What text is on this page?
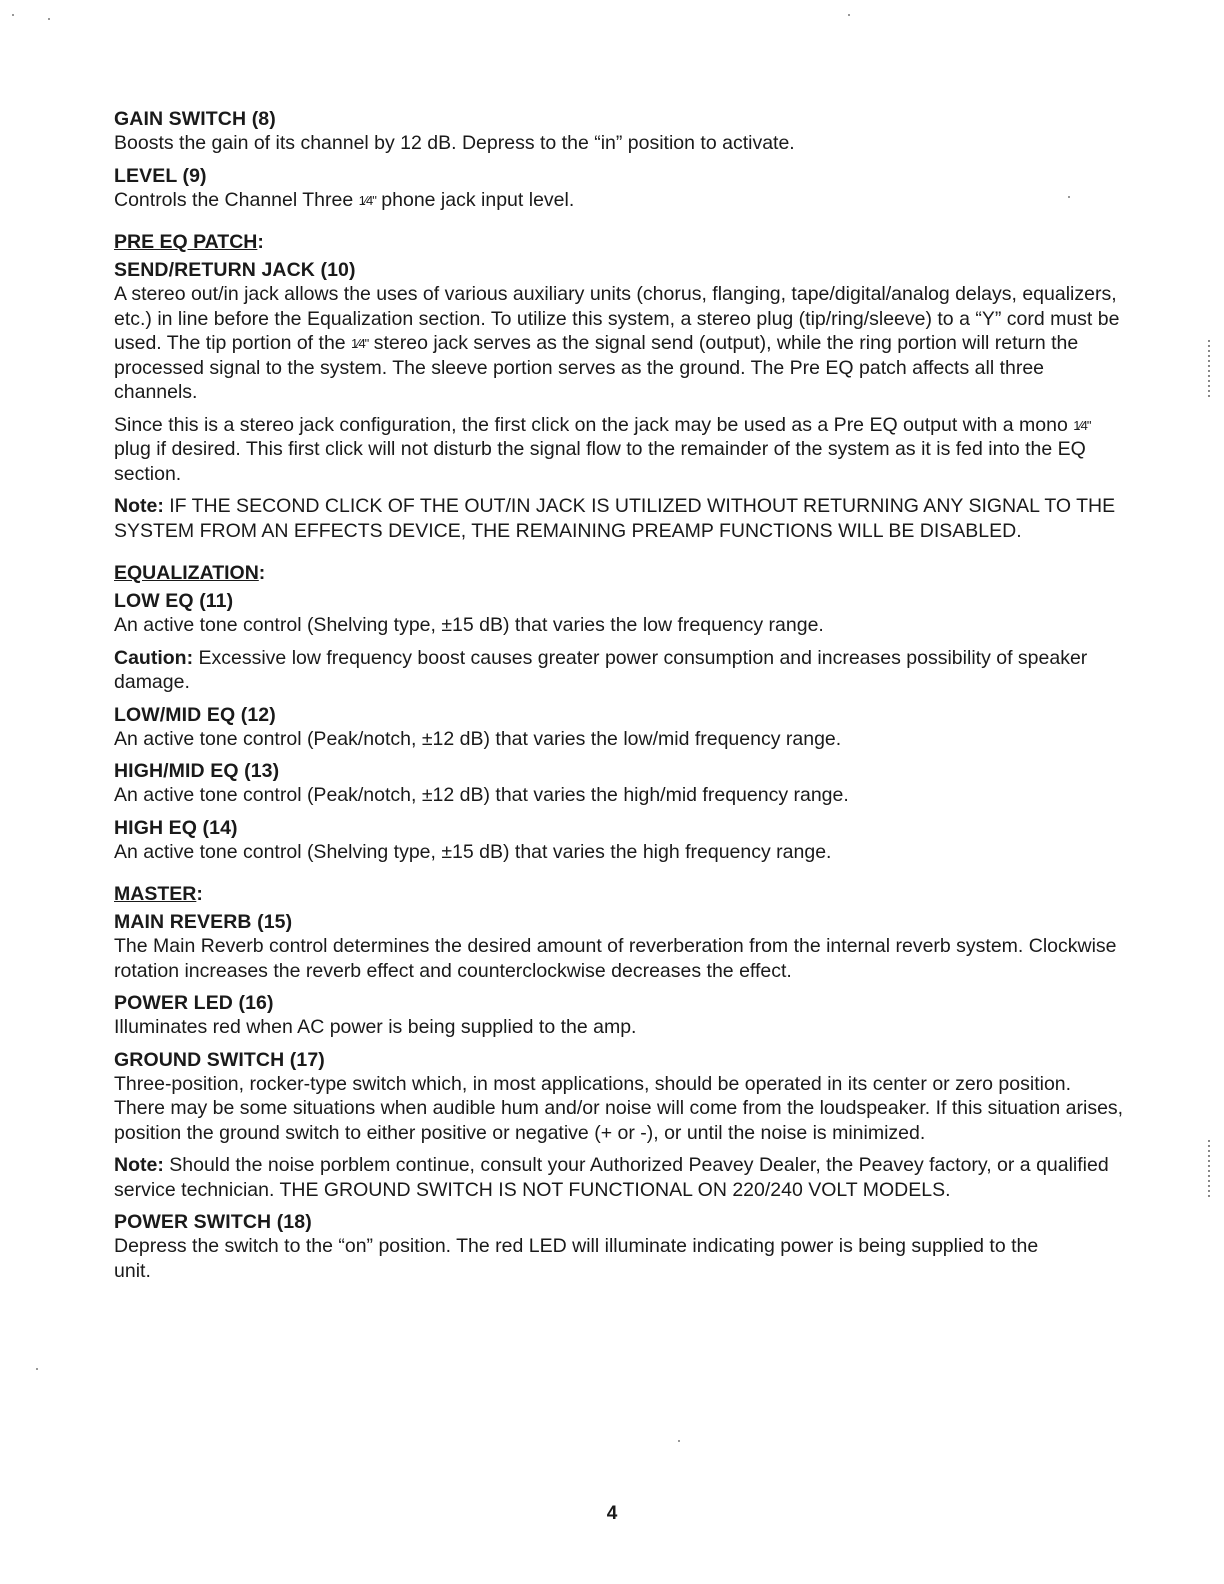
GAIN SWITCH (8)

Boosts the gain of its channel by 12 dB. Depress to the “in” position to activate.

LEVEL (9)

Controls the Channel Three 1⁄4" phone jack input level.

PRE EQ PATCH:
SEND/RETURN JACK (10)

A stereo out/in jack allows the uses of various auxiliary units (chorus, flanging, tape/digital/analog delays, equalizers, etc.) in line before the Equalization section. To utilize this system, a stereo plug (tip/ring/sleeve) to a “Y” cord must be used. The tip portion of the 1⁄4" stereo jack serves as the signal send (output), while the ring portion will return the processed signal to the system. The sleeve portion serves as the ground. The Pre EQ patch affects all three channels.

Since this is a stereo jack configuration, the first click on the jack may be used as a Pre EQ output with a mono 1⁄4" plug if desired. This first click will not disturb the signal flow to the remainder of the system as it is fed into the EQ section.

Note: IF THE SECOND CLICK OF THE OUT/IN JACK IS UTILIZED WITHOUT RETURNING ANY SIGNAL TO THE SYSTEM FROM AN EFFECTS DEVICE, THE REMAINING PREAMP FUNCTIONS WILL BE DISABLED.

EQUALIZATION:
LOW EQ (11)

An active tone control (Shelving type, ±15 dB) that varies the low frequency range.

Caution: Excessive low frequency boost causes greater power consumption and increases possibility of speaker damage.

LOW/MID EQ (12)

An active tone control (Peak/notch, ±12 dB) that varies the low/mid frequency range.

HIGH/MID EQ (13)

An active tone control (Peak/notch, ±12 dB) that varies the high/mid frequency range.

HIGH EQ (14)

An active tone control (Shelving type, ±15 dB) that varies the high frequency range.

MASTER:
MAIN REVERB (15)

The Main Reverb control determines the desired amount of reverberation from the internal reverb system. Clockwise rotation increases the reverb effect and counterclockwise decreases the effect.

POWER LED (16)

Illuminates red when AC power is being supplied to the amp.

GROUND SWITCH (17)

Three-position, rocker-type switch which, in most applications, should be operated in its center or zero position. There may be some situations when audible hum and/or noise will come from the loudspeaker. If this situation arises, position the ground switch to either positive or negative (+ or -), or until the noise is minimized.

Note: Should the noise porblem continue, consult your Authorized Peavey Dealer, the Peavey factory, or a qualified service technician. THE GROUND SWITCH IS NOT FUNCTIONAL ON 220/240 VOLT MODELS.

POWER SWITCH (18)

Depress the switch to the “on” position. The red LED will illuminate indicating power is being supplied to the unit.

4
